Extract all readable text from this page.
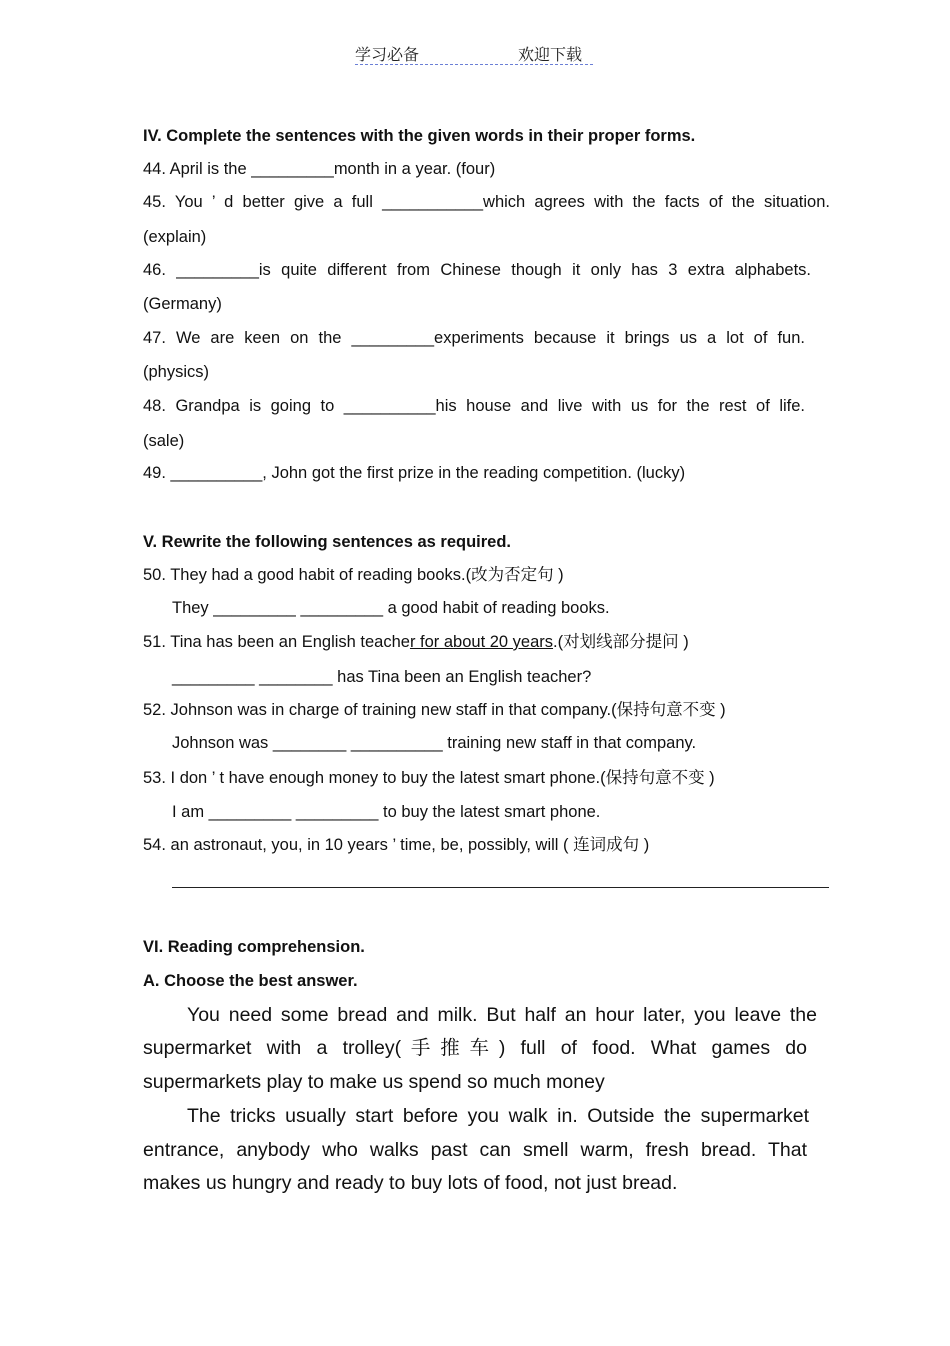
学习必备	欢迎下载
IV. Complete the sentences with the given words in their proper forms.
44. April is the _________month in a year. (four)
45. You ’ d better give a full ___________which agrees with the facts of the situation.
(explain)
46. _________is quite different from Chinese though it only has 3 extra alphabets.
(Germany)
47. We are keen on the _________experiments because it brings us a lot of fun.
(physics)
48. Grandpa is going to __________his house and live with us for the rest of life.
(sale)
49. __________, John got the first prize in the reading competition. (lucky)
V. Rewrite the following sentences as required.
50. They had a good habit of reading books.(改为否定句 )
They _________ _________ a good habit of reading books.
51. Tina has been an English teacher for about 20 years.(对划线部分提问 )
_________ ________ has Tina been an English teacher?
52. Johnson was in charge of training new staff in that company.(保持句意不变 )
Johnson was ________ __________ training new staff in that company.
53. I don ’ t have enough money to buy the latest smart phone.(保持句意不变 )
I am _________ _________ to buy the latest smart phone.
54. an astronaut, you, in 10 years ’ time, be, possibly, will ( 连词成句 )
VI. Reading comprehension.
A. Choose the best answer.
You need some bread and milk. But half an hour later, you leave the
supermarket with a trolley(手推车) full of food. What games do
supermarkets play to make us spend so much money
The tricks usually start before you walk in. Outside the supermarket
entrance, anybody who walks past can smell warm, fresh bread. That
makes us hungry and ready to buy lots of food, not just bread.
